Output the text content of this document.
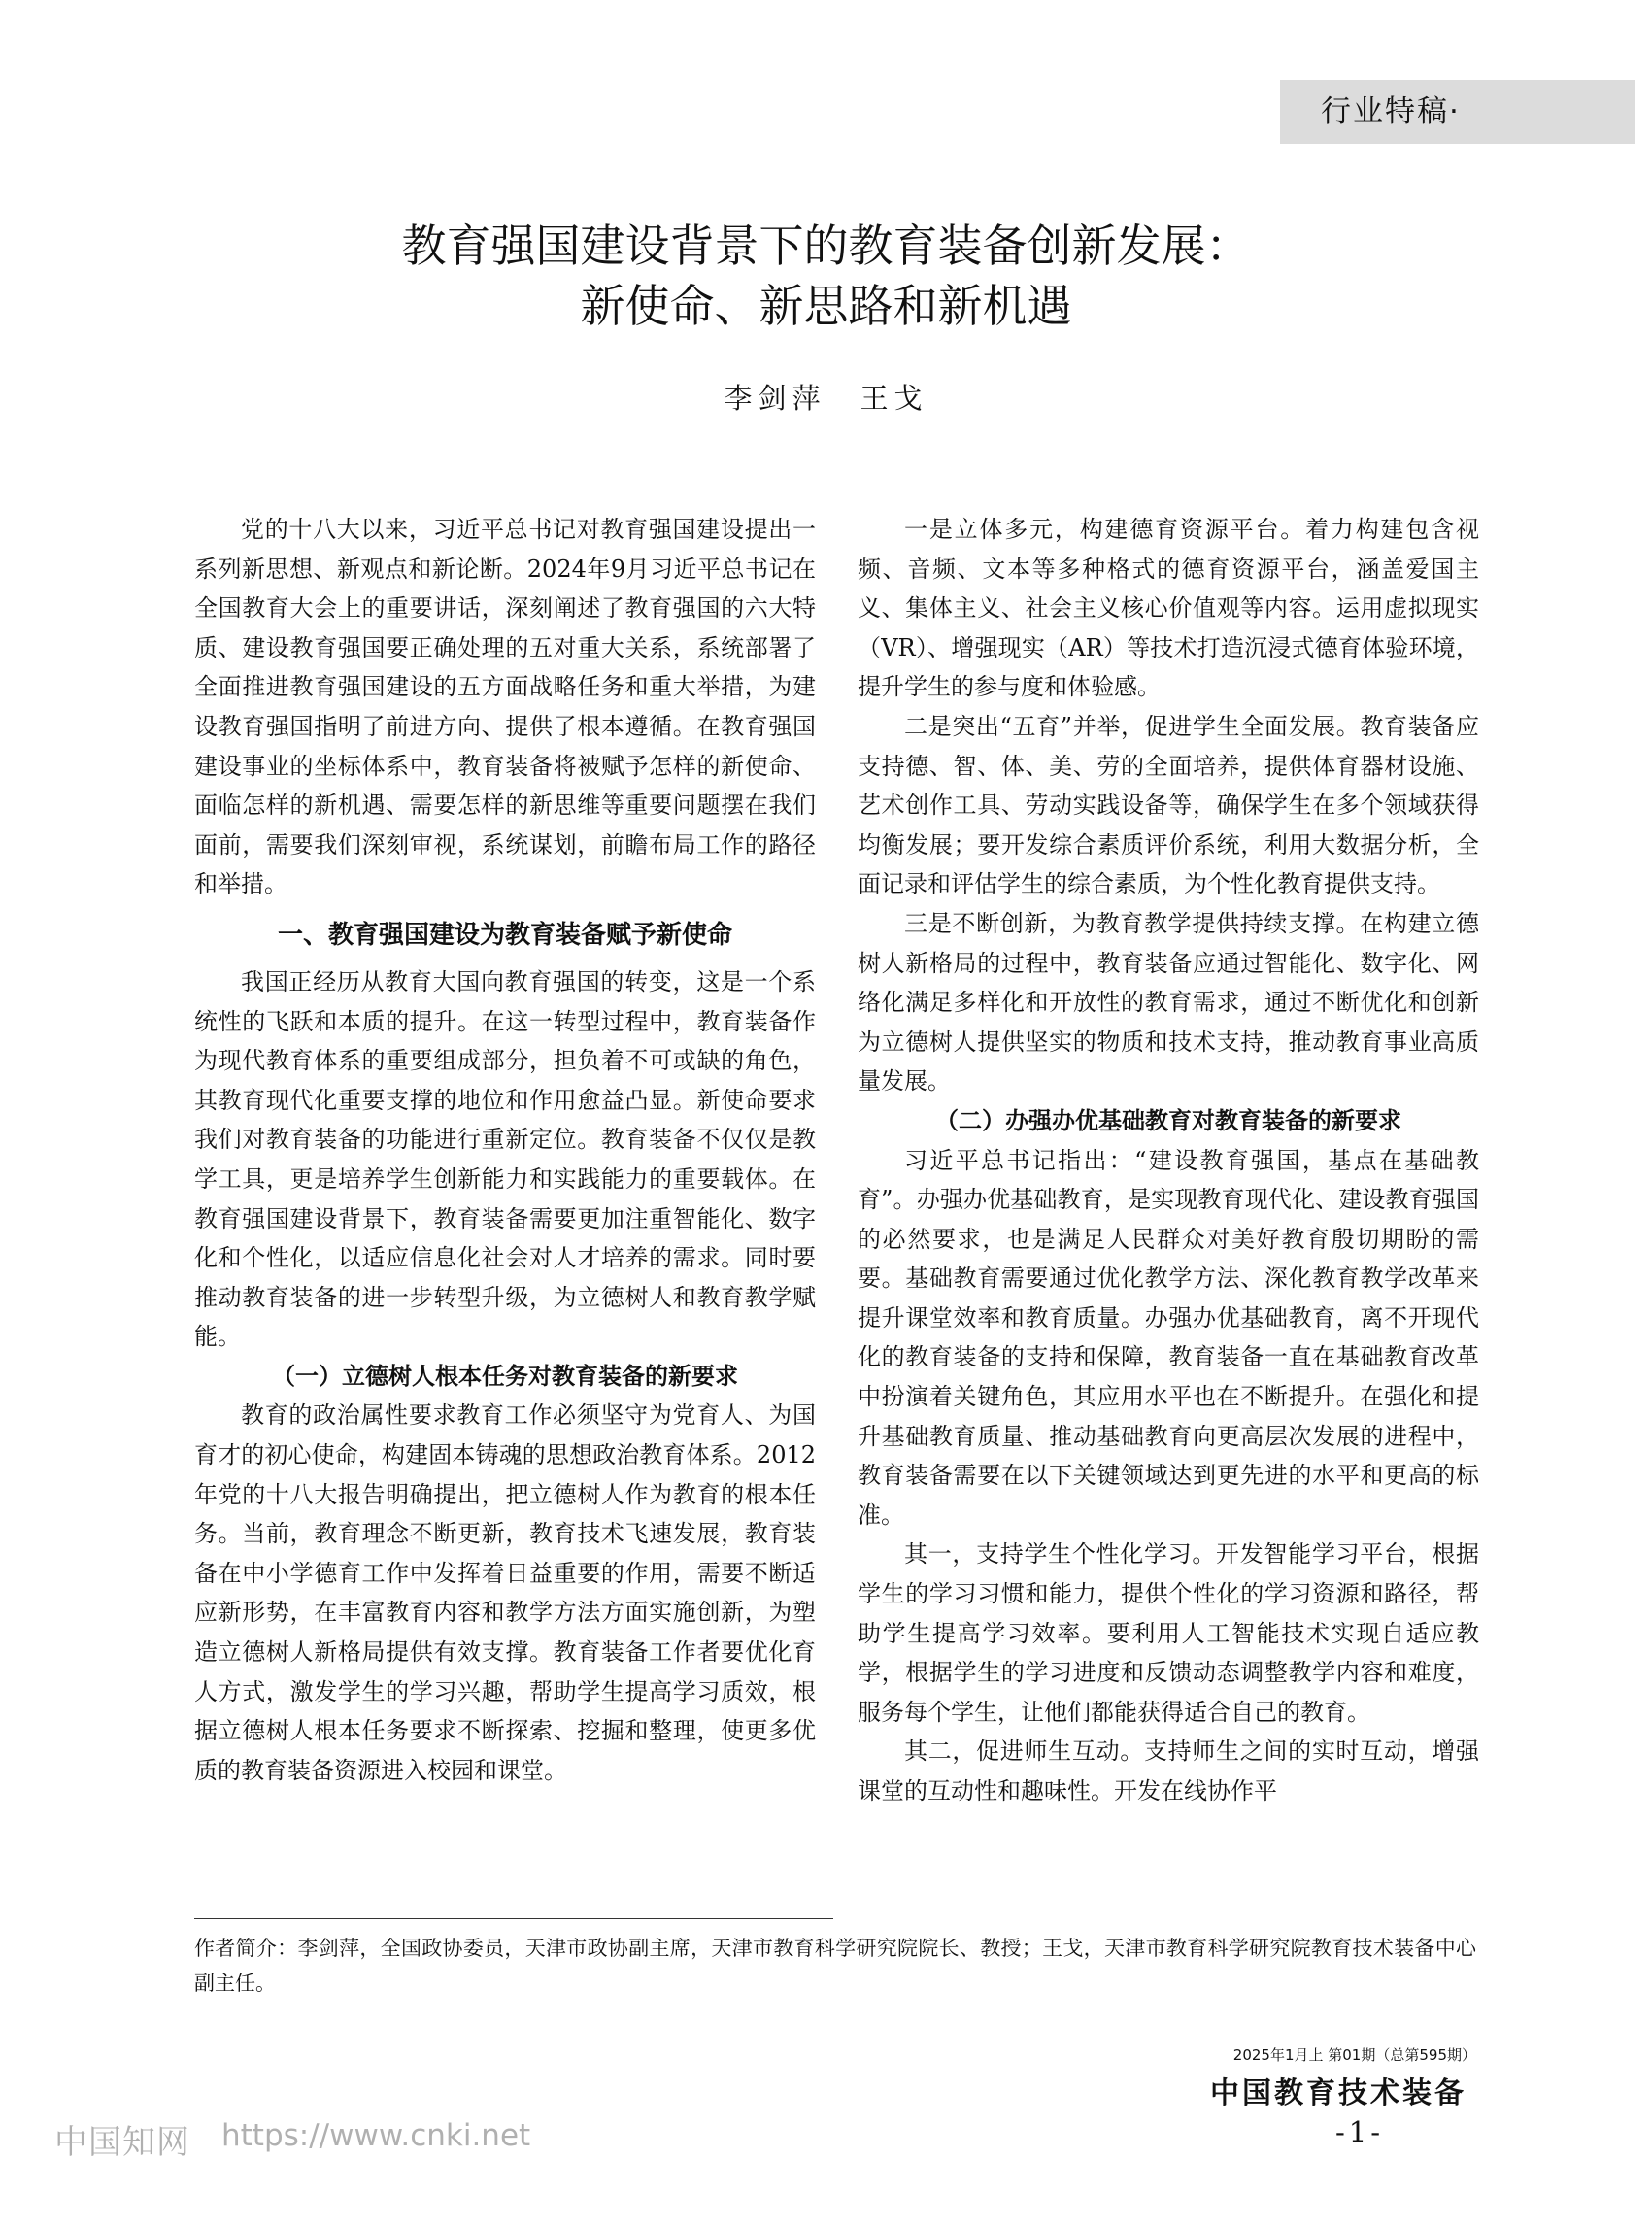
行业特稿·
教育强国建设背景下的教育装备创新发展：
新使命、新思路和新机遇
李剑萍　王戈

党的十八大以来，习近平总书记对教育强国建设提出一系列新思想、新观点和新论断。2024年9月习近平总书记在全国教育大会上的重要讲话，深刻阐述了教育强国的六大特质、建设教育强国要正确处理的五对重大关系，系统部署了全面推进教育强国建设的五方面战略任务和重大举措，为建设教育强国指明了前进方向、提供了根本遵循。在教育强国建设事业的坐标体系中，教育装备将被赋予怎样的新使命、面临怎样的新机遇、需要怎样的新思维等重要问题摆在我们面前，需要我们深刻审视，系统谋划，前瞻布局工作的路径和举措。

一、教育强国建设为教育装备赋予新使命

我国正经历从教育大国向教育强国的转变，这是一个系统性的飞跃和本质的提升。在这一转型过程中，教育装备作为现代教育体系的重要组成部分，担负着不可或缺的角色，其教育现代化重要支撑的地位和作用愈益凸显。新使命要求我们对教育装备的功能进行重新定位。教育装备不仅仅是教学工具，更是培养学生创新能力和实践能力的重要载体。在教育强国建设背景下，教育装备需要更加注重智能化、数字化和个性化，以适应信息化社会对人才培养的需求。同时要推动教育装备的进一步转型升级，为立德树人和教育教学赋能。

（一）立德树人根本任务对教育装备的新要求

教育的政治属性要求教育工作必须坚守为党育人、为国育才的初心使命，构建固本铸魂的思想政治教育体系。2012年党的十八大报告明确提出，把立德树人作为教育的根本任务。当前，教育理念不断更新，教育技术飞速发展，教育装备在中小学德育工作中发挥着日益重要的作用，需要不断适应新形势，在丰富教育内容和教学方法方面实施创新，为塑造立德树人新格局提供有效支撑。教育装备工作者要优化育人方式，激发学生的学习兴趣，帮助学生提高学习质效，根据立德树人根本任务要求不断探索、挖掘和整理，使更多优质的教育装备资源进入校园和课堂。

一是立体多元，构建德育资源平台。着力构建包含视频、音频、文本等多种格式的德育资源平台，涵盖爱国主义、集体主义、社会主义核心价值观等内容。运用虚拟现实（VR）、增强现实（AR）等技术打造沉浸式德育体验环境，提升学生的参与度和体验感。

二是突出“五育”并举，促进学生全面发展。教育装备应支持德、智、体、美、劳的全面培养，提供体育器材设施、艺术创作工具、劳动实践设备等，确保学生在多个领域获得均衡发展；要开发综合素质评价系统，利用大数据分析，全面记录和评估学生的综合素质，为个性化教育提供支持。

三是不断创新，为教育教学提供持续支撑。在构建立德树人新格局的过程中，教育装备应通过智能化、数字化、网络化满足多样化和开放性的教育需求，通过不断优化和创新为立德树人提供坚实的物质和技术支持，推动教育事业高质量发展。

（二）办强办优基础教育对教育装备的新要求

习近平总书记指出：“建设教育强国，基点在基础教育”。办强办优基础教育，是实现教育现代化、建设教育强国的必然要求，也是满足人民群众对美好教育殷切期盼的需要。基础教育需要通过优化教学方法、深化教育教学改革来提升课堂效率和教育质量。办强办优基础教育，离不开现代化的教育装备的支持和保障，教育装备一直在基础教育改革中扮演着关键角色，其应用水平也在不断提升。在强化和提升基础教育质量、推动基础教育向更高层次发展的进程中，教育装备需要在以下关键领域达到更先进的水平和更高的标准。

其一，支持学生个性化学习。开发智能学习平台，根据学生的学习习惯和能力，提供个性化的学习资源和路径，帮助学生提高学习效率。要利用人工智能技术实现自适应教学，根据学生的学习进度和反馈动态调整教学内容和难度，服务每个学生，让他们都能获得适合自己的教育。

其二，促进师生互动。支持师生之间的实时互动，增强课堂的互动性和趣味性。开发在线协作平

作者简介：李剑萍，全国政协委员，天津市政协副主席，天津市教育科学研究院院长、教授；王戈，天津市教育科学研究院教育技术装备中心副主任。
2025年1月上 第01期（总第595期）
中国教育技术装备
-1-
中国知网 https://www.cnki.net
